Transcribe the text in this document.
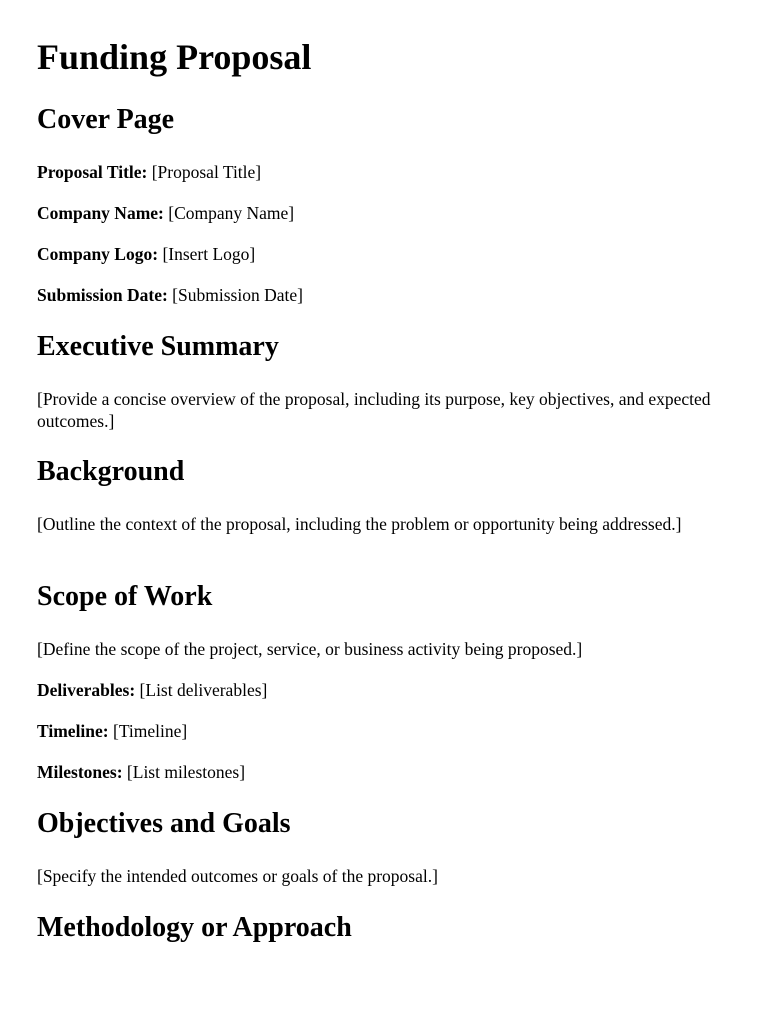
Funding Proposal
Cover Page

Proposal Title: [Proposal Title]

Company Name: [Company Name]

Company Logo: [Insert Logo]

Submission Date: [Submission Date]

Executive Summary

[Provide a concise overview of the proposal, including its purpose, key objectives, and expected outcomes.]

Background

[Outline the context of the proposal, including the problem or opportunity being addressed.]

Scope of Work

[Define the scope of the project, service, or business activity being proposed.]

Deliverables: [List deliverables]

Timeline: [Timeline]

Milestones: [List milestones]

Objectives and Goals

[Specify the intended outcomes or goals of the proposal.]

Methodology or Approach
